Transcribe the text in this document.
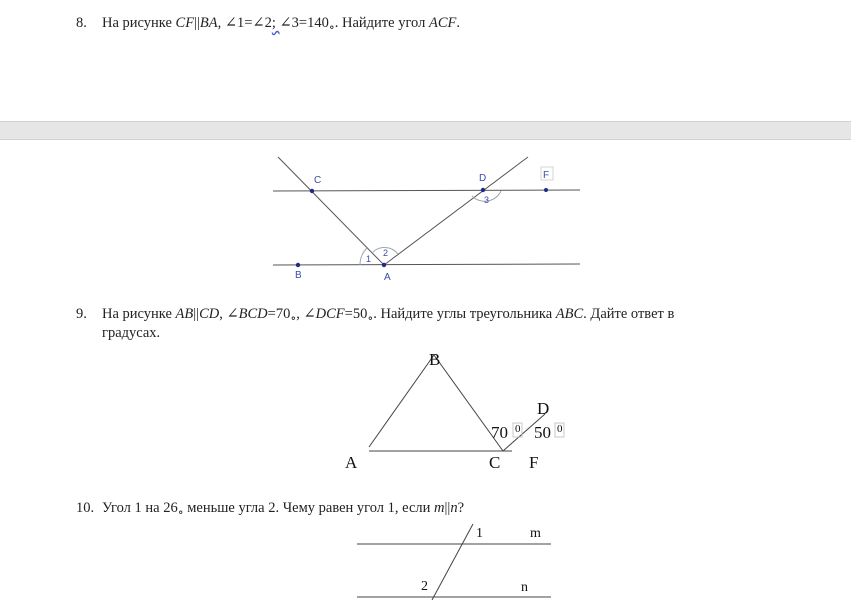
8. На рисунке CF||BA, ∠1=∠2; $\angle 3=140_\circ$. Найдите угол ACF.
C	D	F
B	A
1
2
3
9. На рисунке AB||CD, $\angle BCD=70_\circ$, $\angle DCF=50_\circ$. Найдите углы треугольника ABC. Дайте ответ в
градусах.
B
D
A	C F
70 0 50 0
10. Угол 1 на $26_\circ$ меньше угла 2. Чему равен угол 1, если m||n?
1	m
2	n
